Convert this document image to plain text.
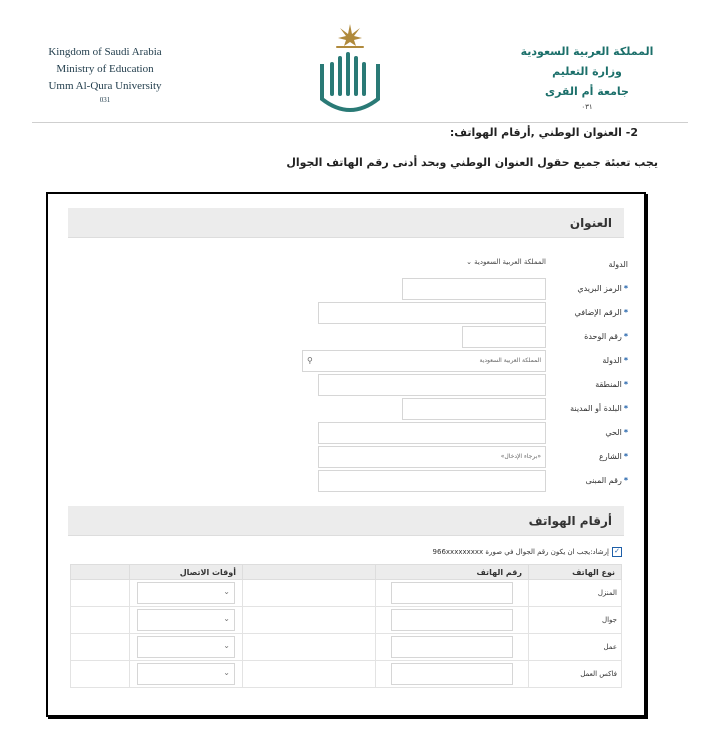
Kingdom of Saudi Arabia
Ministry of Education
Umm Al-Qura University
031
المملكة العربية السعودية
وزارة التعليم
جامعة أم القرى
٠٣١
2- العنوان الوطني ,أرقام الهواتف:
يجب تعبئة جميع حقول العنوان الوطني وبحد أدنى رقم الهاتف الجوال
العنوان
الدولة
المملكة العربية السعودية ⌄
*الرمز البريدي
*الرقم الإضافي
*رقم الوحدة
*الدولة
المملكة العربية السعودية
⚲
*المنطقة
*البلدة أو المدينة
*الحي
*الشارع
«برجاء الإدخال»
*رقم المبنى
أرقام الهواتف
✓إرشاد:يجب ان يكون رقم الجوال في صورة 966xxxxxxxxx
نوع الهاتف	رقم الهاتف		أوقات الاتصال	
المنزل			⌄	

جوال			⌄	

عمل			⌄	

فاكس العمل			⌄	
